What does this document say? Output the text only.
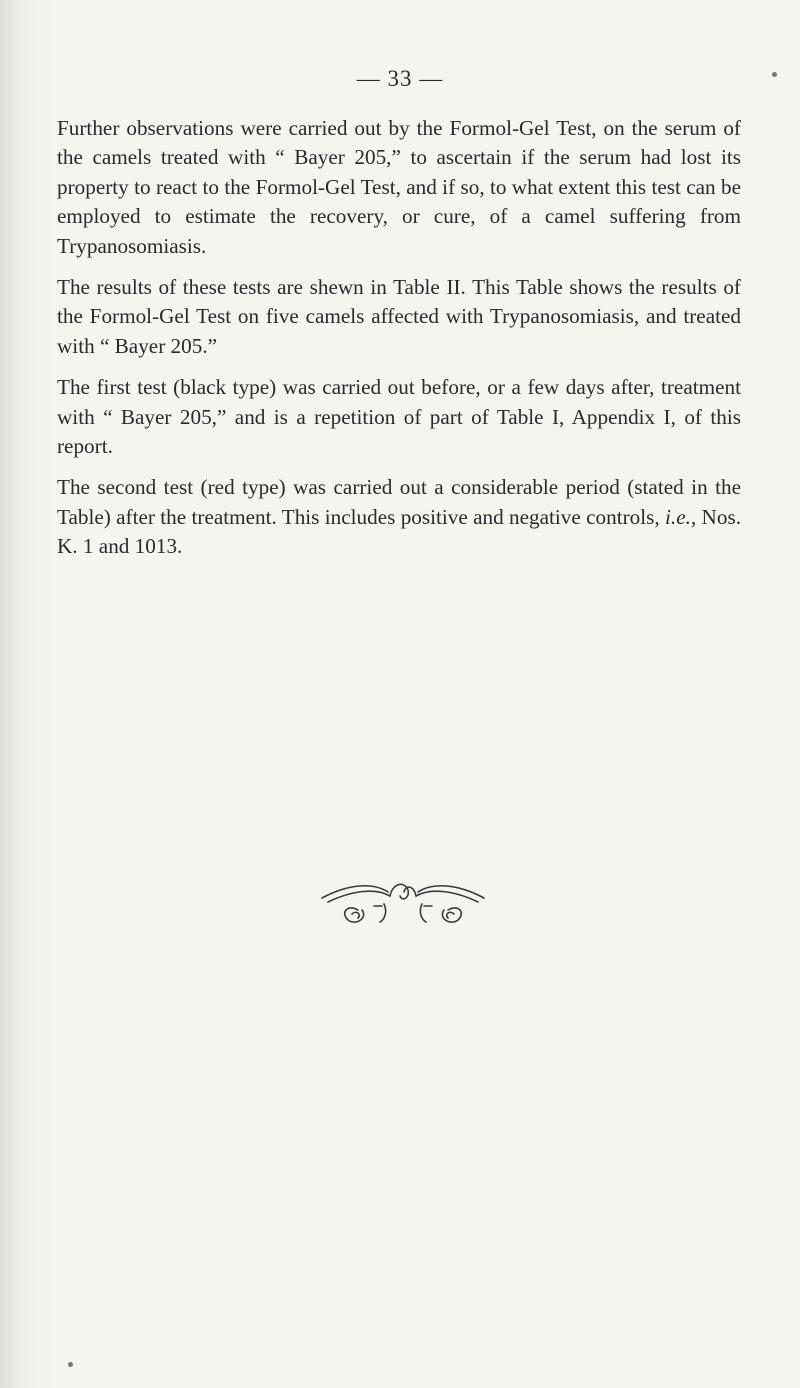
— 33 —

Further observations were carried out by the Formol-Gel Test, on the serum of the camels treated with “ Bayer 205,” to ascertain if the serum had lost its property to react to the Formol-Gel Test, and if so, to what extent this test can be employed to estimate the recovery, or cure, of a camel suffering from Trypanosomiasis.

The results of these tests are shewn in Table II. This Table shows the results of the Formol-Gel Test on five camels affected with Trypanosomiasis, and treated with “ Bayer 205.”

The first test (black type) was carried out before, or a few days after, treatment with “ Bayer 205,” and is a repetition of part of Table I, Appendix I, of this report.

The second test (red type) was carried out a considerable period (stated in the Table) after the treatment. This includes positive and negative controls, i.e., Nos. K. 1 and 1013.
